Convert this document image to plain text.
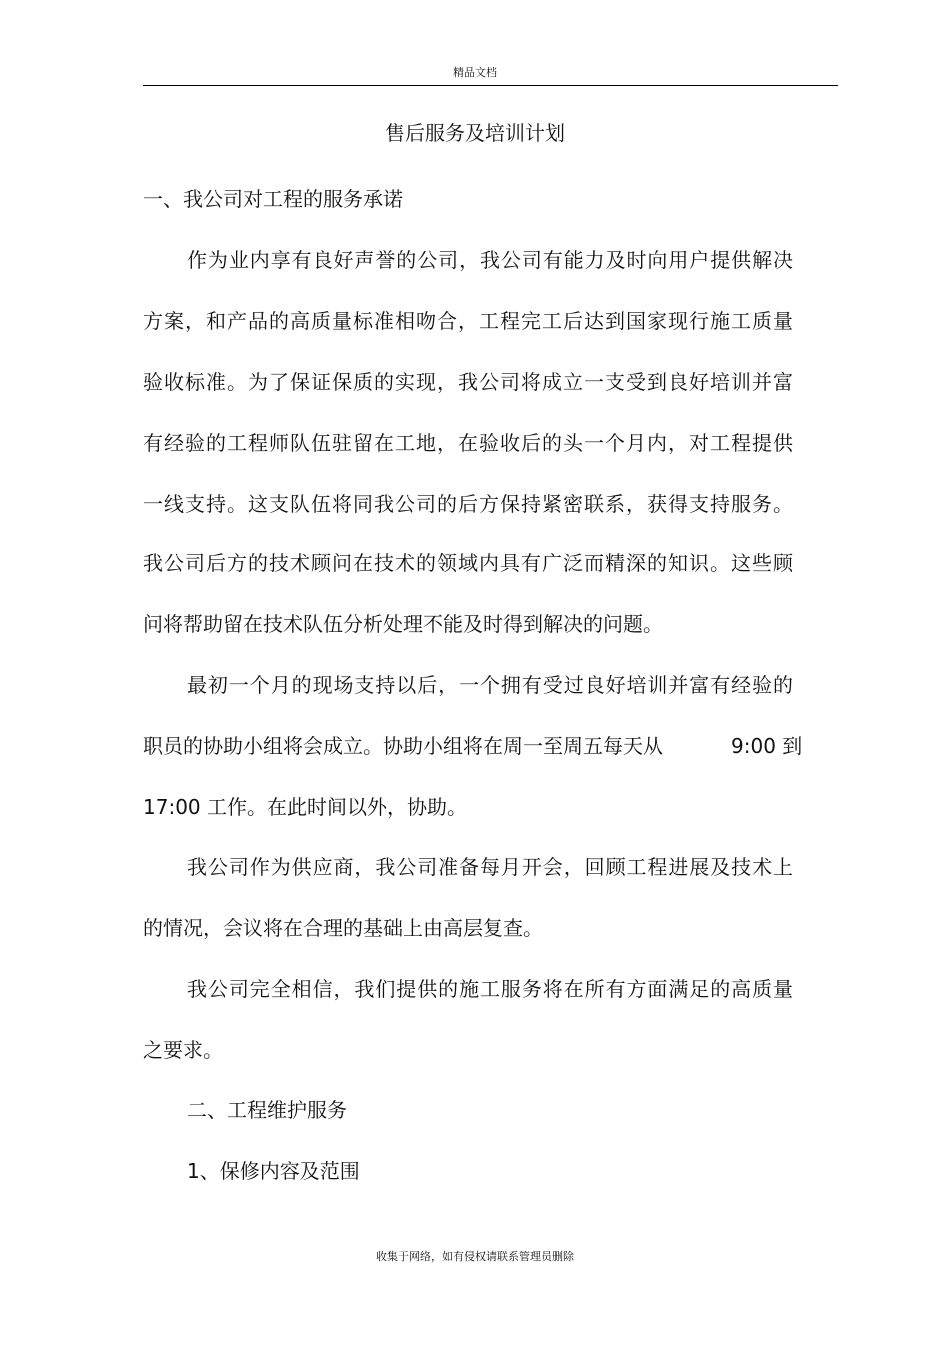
精品文档
售后服务及培训计划
一、我公司对工程的服务承诺
作为业内享有良好声誉的公司，我公司有能力及时向用户提供解决
方案，和产品的高质量标准相吻合，工程完工后达到国家现行施工质量
验收标准。为了保证保质的实现，我公司将成立一支受到良好培训并富
有经验的工程师队伍驻留在工地，在验收后的头一个月内，对工程提供
一线支持。这支队伍将同我公司的后方保持紧密联系，获得支持服务。
我公司后方的技术顾问在技术的领域内具有广泛而精深的知识。这些顾
问将帮助留在技术队伍分析处理不能及时得到解决的问题。
最初一个月的现场支持以后，一个拥有受过良好培训并富有经验的
职员的协助小组将会成立。协助小组将在周一至周五每天从	9:00 到
17:00 工作。在此时间以外，协助。
我公司作为供应商，我公司准备每月开会，回顾工程进展及技术上
的情况，会议将在合理的基础上由高层复查。
我公司完全相信，我们提供的施工服务将在所有方面满足的高质量
之要求。
二、工程维护服务
1、保修内容及范围
收集于网络，如有侵权请联系管理员删除
